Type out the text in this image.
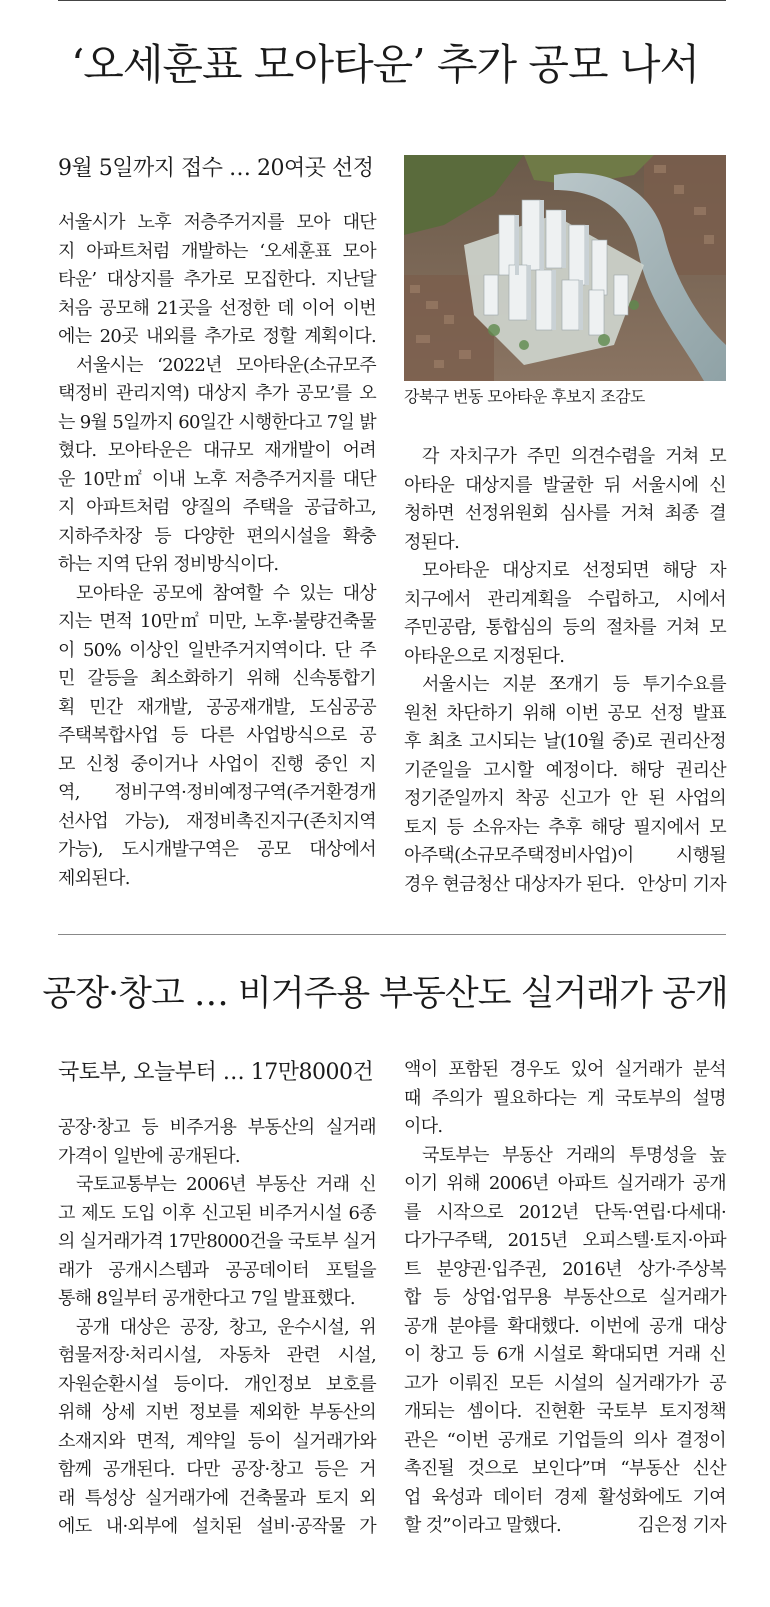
‘오세훈표 모아타운’ 추가 공모 나서
9월 5일까지 접수 … 20여곳 선정
서울시가 노후 저층주거지를 모아 대단
지 아파트처럼 개발하는 ‘오세훈표 모아
타운’ 대상지를 추가로 모집한다. 지난달
처음 공모해 21곳을 선정한 데 이어 이번
에는 20곳 내외를 추가로 정할 계획이다.
서울시는 ‘2022년 모아타운(소규모주
택정비 관리지역) 대상지 추가 공모’를 오
는 9월 5일까지 60일간 시행한다고 7일 밝
혔다. 모아타운은 대규모 재개발이 어려
운 10만㎡ 이내 노후 저층주거지를 대단
지 아파트처럼 양질의 주택을 공급하고,
지하주차장 등 다양한 편의시설을 확충
하는 지역 단위 정비방식이다.
모아타운 공모에 참여할 수 있는 대상
지는 면적 10만㎡ 미만, 노후·불량건축물
이 50% 이상인 일반주거지역이다. 단 주
민 갈등을 최소화하기 위해 신속통합기
획 민간 재개발, 공공재개발, 도심공공
주택복합사업 등 다른 사업방식으로 공
모 신청 중이거나 사업이 진행 중인 지
역, 정비구역·정비예정구역(주거환경개
선사업 가능), 재정비촉진지구(존치지역
가능), 도시개발구역은 공모 대상에서
제외된다.
강북구 번동 모아타운 후보지 조감도
각 자치구가 주민 의견수렴을 거쳐 모
아타운 대상지를 발굴한 뒤 서울시에 신
청하면 선정위원회 심사를 거쳐 최종 결
정된다.
모아타운 대상지로 선정되면 해당 자
치구에서 관리계획을 수립하고, 시에서
주민공람, 통합심의 등의 절차를 거쳐 모
아타운으로 지정된다.
서울시는 지분 쪼개기 등 투기수요를
원천 차단하기 위해 이번 공모 선정 발표
후 최초 고시되는 날(10월 중)로 권리산정
기준일을 고시할 예정이다. 해당 권리산
정기준일까지 착공 신고가 안 된 사업의
토지 등 소유자는 추후 해당 필지에서 모
아주택(소규모주택정비사업)이 시행될
경우 현금청산 대상자가 된다. 안상미 기자
공장·창고 … 비거주용 부동산도 실거래가 공개
국토부, 오늘부터 … 17만8000건
공장·창고 등 비주거용 부동산의 실거래
가격이 일반에 공개된다.
국토교통부는 2006년 부동산 거래 신
고 제도 도입 이후 신고된 비주거시설 6종
의 실거래가격 17만8000건을 국토부 실거
래가 공개시스템과 공공데이터 포털을
통해 8일부터 공개한다고 7일 발표했다.
공개 대상은 공장, 창고, 운수시설, 위
험물저장·처리시설, 자동차 관련 시설,
자원순환시설 등이다. 개인정보 보호를
위해 상세 지번 정보를 제외한 부동산의
소재지와 면적, 계약일 등이 실거래가와
함께 공개된다. 다만 공장·창고 등은 거
래 특성상 실거래가에 건축물과 토지 외
에도 내·외부에 설치된 설비·공작물 가
액이 포함된 경우도 있어 실거래가 분석
때 주의가 필요하다는 게 국토부의 설명
이다.
국토부는 부동산 거래의 투명성을 높
이기 위해 2006년 아파트 실거래가 공개
를 시작으로 2012년 단독·연립·다세대·
다가구주택, 2015년 오피스텔·토지·아파
트 분양권·입주권, 2016년 상가·주상복
합 등 상업·업무용 부동산으로 실거래가
공개 분야를 확대했다. 이번에 공개 대상
이 창고 등 6개 시설로 확대되면 거래 신
고가 이뤄진 모든 시설의 실거래가가 공
개되는 셈이다. 진현환 국토부 토지정책
관은 “이번 공개로 기업들의 의사 결정이
촉진될 것으로 보인다”며 “부동산 신산
업 육성과 데이터 경제 활성화에도 기여
할 것”이라고 말했다.	김은정 기자
